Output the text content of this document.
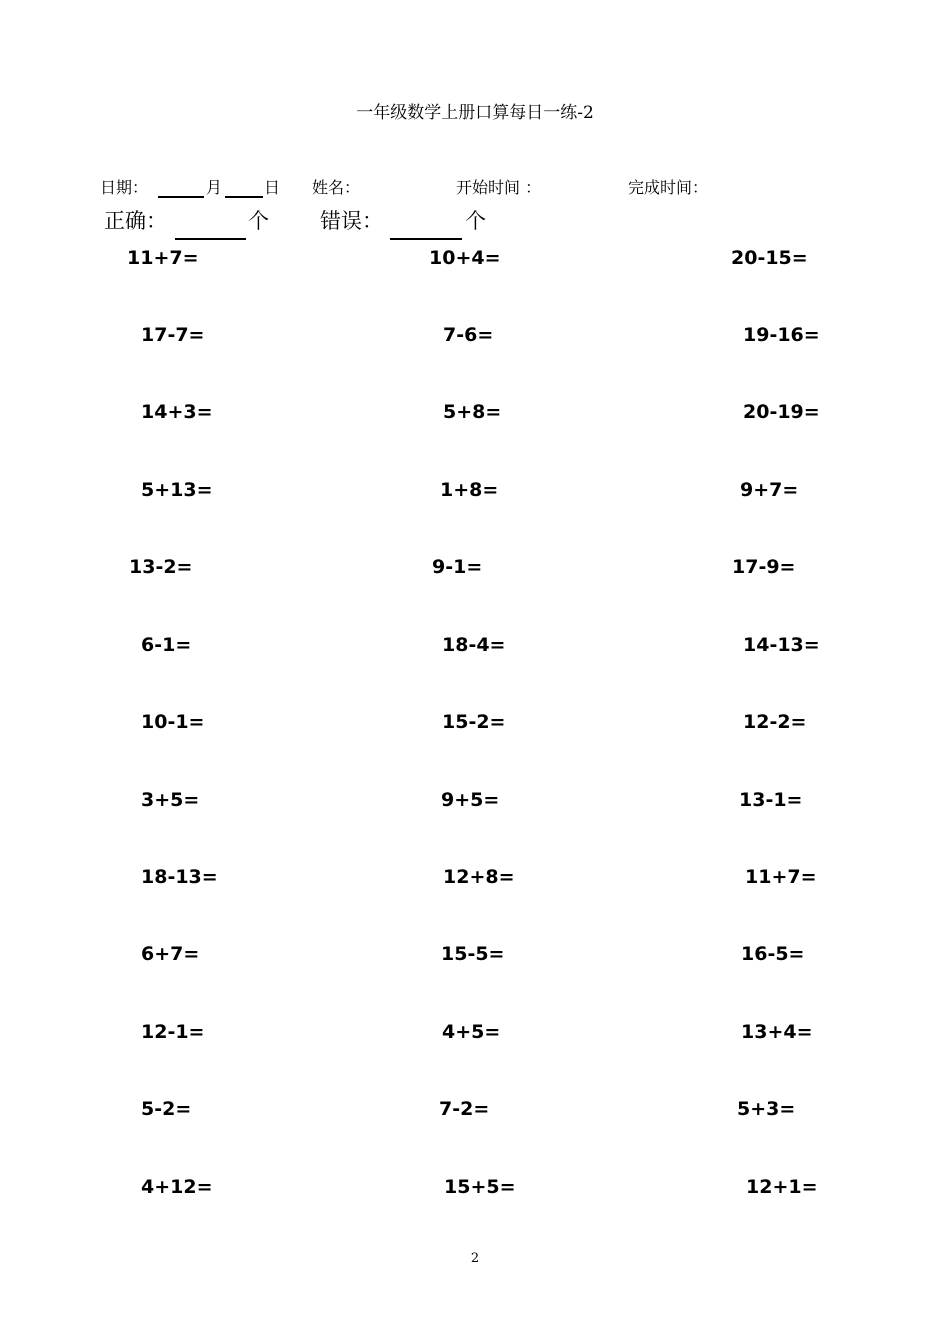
一年级数学上册口算每日一练-2
日期：	月	日 姓名：	开始时间 ：	完成时间：
正确：	个 错误：	个
11+7=	10+4=	20-15=
17-7=	7-6=	19-16=
14+3=	5+8=	20-19=
5+13=	1+8=	9+7=
13-2=	9-1=	17-9=
6-1=	18-4=	14-13=
10-1=	15-2=	12-2=
3+5=	9+5=	13-1=
18-13=	12+8=	11+7=
6+7=	15-5=	16-5=
12-1=	4+5=	13+4=
5-2=	7-2=	5+3=
4+12=	15+5=	12+1=
2
